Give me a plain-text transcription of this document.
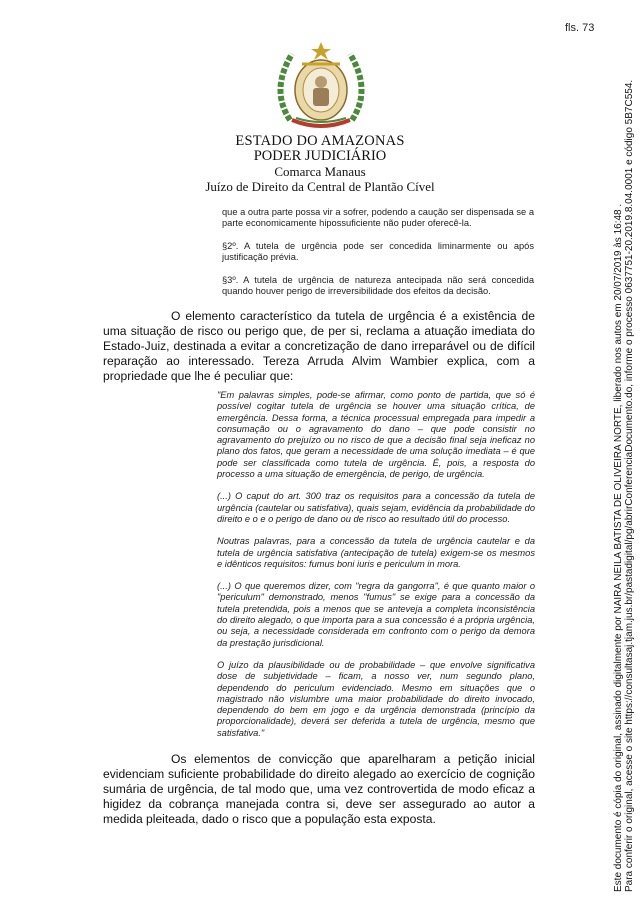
fls. 73
ESTADO DO AMAZONAS
PODER JUDICIÁRIO
Comarca Manaus
Juízo de Direito da Central de Plantão Cível

que a outra parte possa vir a sofrer, podendo a caução ser dispensada se a parte economicamente hipossuficiente não puder oferecê-la.

§2º. A tutela de urgência pode ser concedida liminarmente ou após justificação prévia.

§3º. A tutela de urgência de natureza antecipada não será concedida quando houver perigo de irreversibilidade dos efeitos da decisão.

O elemento característico da tutela de urgência é a existência de uma situação de risco ou perigo que, de per si, reclama a atuação imediata do Estado-Juiz, destinada a evitar a concretização de dano irreparável ou de difícil reparação ao interessado. Tereza Arruda Alvim Wambier explica, com a propriedade que lhe é peculiar que:

"Em palavras simples, pode-se afirmar, como ponto de partida, que só é possível cogitar tutela de urgência se houver uma situação crítica, de emergência. Dessa forma, a técnica processual empregada para impedir a consumação ou o agravamento do dano – que pode consistir no agravamento do prejuízo ou no risco de que a decisão final seja ineficaz no plano dos fatos, que geram a necessidade de uma solução imediata – é que pode ser classificada como tutela de urgência. É, pois, a resposta do processo a uma situação de emergência, de perigo, de urgência.

(...) O caput do art. 300 traz os requisitos para a concessão da tutela de urgência (cautelar ou satisfativa), quais sejam, evidência da probabilidade do direito e o e o perigo de dano ou de risco ao resultado útil do processo.

Noutras palavras, para a concessão da tutela de urgência cautelar e da tutela de urgência satisfativa (antecipação de tutela) exigem-se os mesmos e idênticos requisitos: fumus boni iuris e periculum in mora.

(...) O que queremos dizer, com "regra da gangorra", é que quanto maior o "periculum" demonstrado, menos "fumus" se exige para a concessão da tutela pretendida, pois a menos que se anteveja a completa inconsistência do direito alegado, o que importa para a sua concessão é a própria urgência, ou seja, a necessidade considerada em confronto com o perigo da demora da prestação jurisdicional.

O juízo da plausibilidade ou de probabilidade – que envolve significativa dose de subjetividade – ficam, a nosso ver, num segundo plano, dependendo do periculum evidenciado. Mesmo em situações que o magistrado não vislumbre uma maior probabilidade do direito invocado, dependendo do bem em jogo e da urgência demonstrada (princípio da proporcionalidade), deverá ser deferida a tutela de urgência, mesmo que satisfativa."

Os elementos de convicção que aparelharam a petição inicial evidenciam suficiente probabilidade do direito alegado ao exercício de cognição sumária de urgência, de tal modo que, uma vez controvertida de modo eficaz a higidez da cobrança manejada contra si, deve ser assegurado ao autor a medida pleiteada, dado o risco que a população esta exposta.	Este documento é cópia do original, assinado digitalmente por NAIRA NEILA BATISTA DE OLIVEIRA NORTE, liberado nos autos em 20/07/2019 às 16:48 . Para conferir o original, acesse o site https://consultasaj.tjam.jus.br/pastadigital/pg/abrirConferenciaDocumento.do, informe o processo 0637751-20.2019.8.04.0001 e código 5B7C554.
